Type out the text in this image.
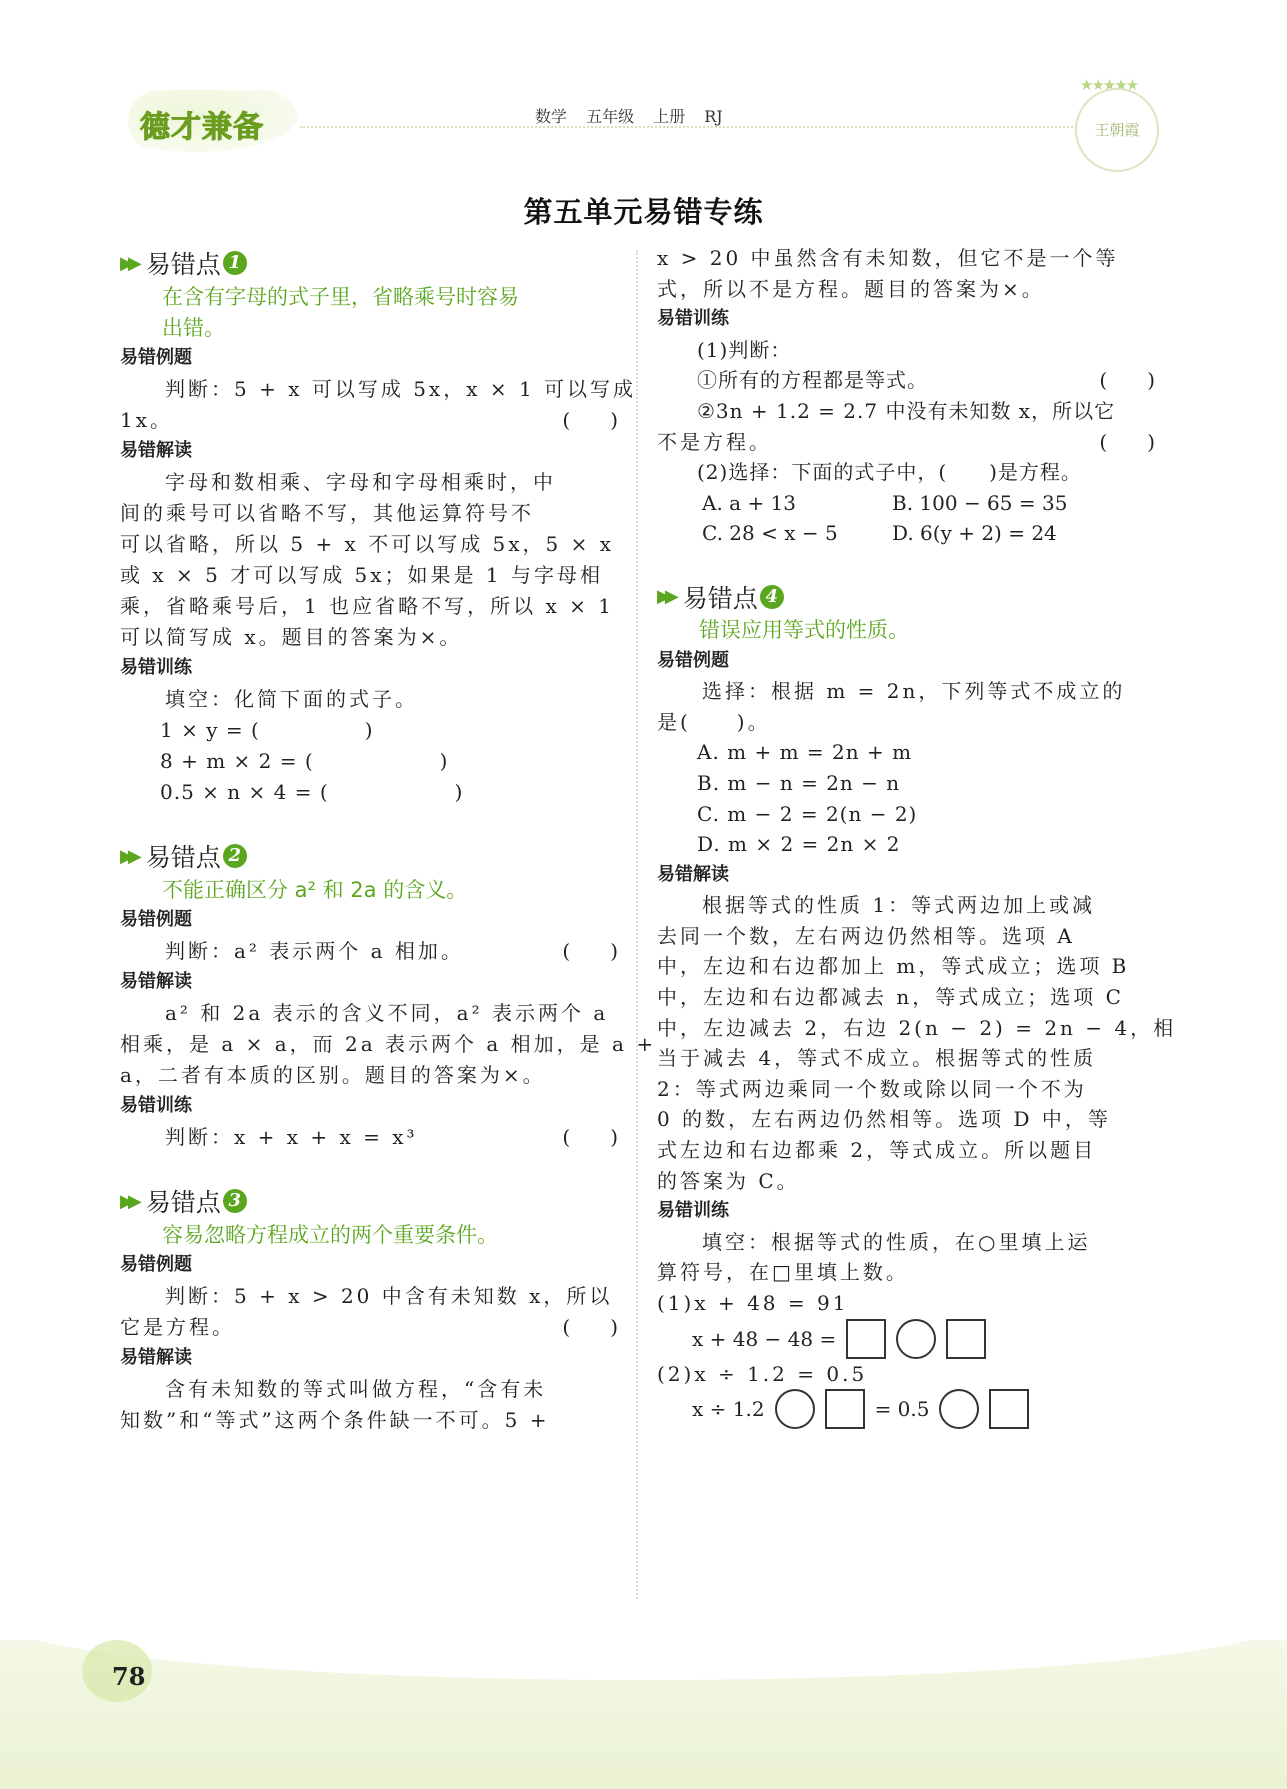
德才兼备	数学 五年级 上册 RJ
★★★★★
王朝霞
第五单元易错专练
▶▶ 易错点 1
在含有字母的式子里，省略乘号时容易
出错。
易错例题
判断：5 + x 可以写成 5x，x × 1 可以写成
1x。	(　　)
易错解读
字母和数相乘、字母和字母相乘时，中
间的乘号可以省略不写，其他运算符号不
可以省略，所以 5 + x 不可以写成 5x，5 × x
或 x × 5 才可以写成 5x；如果是 1 与字母相
乘，省略乘号后，1 也应省略不写，所以 x × 1
可以简写成 x。题目的答案为×。
易错训练
填空：化简下面的式子。
1 × y = (　　　　　)
8 + m × 2 = (　　　　　　)
0.5 × n × 4 = (　　　　　　)
▶▶ 易错点 2
不能正确区分 a² 和 2a 的含义。
易错例题
判断：a² 表示两个 a 相加。	(　　)
易错解读
a² 和 2a 表示的含义不同，a² 表示两个 a
相乘，是 a × a，而 2a 表示两个 a 相加，是 a +
a，二者有本质的区别。题目的答案为×。
易错训练
判断：x + x + x = x³	(　　)
▶▶ 易错点 3
容易忽略方程成立的两个重要条件。
易错例题
判断：5 + x > 20 中含有未知数 x，所以
它是方程。	(　　)
易错解读
含有未知数的等式叫做方程，“含有未
知数”和“等式”这两个条件缺一不可。5 +
x > 20 中虽然含有未知数，但它不是一个等
式，所以不是方程。题目的答案为×。
易错训练
(1)判断：
①所有的方程都是等式。	(　　)
②3n + 1.2 = 2.7 中没有未知数 x，所以它
不是方程。	(　　)
(2)选择：下面的式子中，(　　)是方程。
A. a + 13	B. 100 − 65 = 35
C. 28 < x − 5	D. 6(y + 2) = 24
▶▶ 易错点 4
错误应用等式的性质。
易错例题
选择：根据 m = 2n，下列等式不成立的
是(　　)。
A. m + m = 2n + m
B. m − n = 2n − n
C. m − 2 = 2(n − 2)
D. m × 2 = 2n × 2
易错解读
根据等式的性质 1：等式两边加上或减
去同一个数，左右两边仍然相等。选项 A
中，左边和右边都加上 m，等式成立；选项 B
中，左边和右边都减去 n，等式成立；选项 C
中，左边减去 2，右边 2(n − 2) = 2n − 4，相
当于减去 4，等式不成立。根据等式的性质
2：等式两边乘同一个数或除以同一个不为
0 的数，左右两边仍然相等。选项 D 中，等
式左边和右边都乘 2，等式成立。所以题目
的答案为 C。
易错训练
填空：根据等式的性质，在○里填上运
算符号，在□里填上数。
(1)x + 48 = 91
x + 48 − 48 =
(2)x ÷ 1.2 = 0.5
x ÷ 1.2	= 0.5
78
